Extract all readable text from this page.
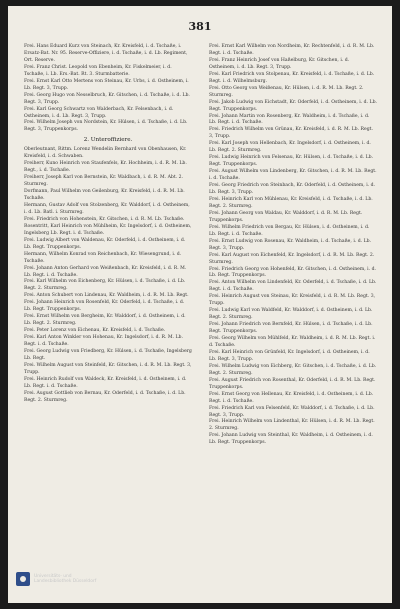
381
Frei. Hans Eduard Kurz von Steinach, Kr. Kreisfeld, i. d. Tschaße, i. Ersatz-Bat. Nr. 95. Reserve-Offiziere, i. d. Tschaße, i. d. Lb. Regiment, Ort. Reserve.
Frei. Franz Christ. Leopold von Ebenheim, Kr. Fiskelmeier, i. d. Tschaße, i. Lb. Ers.-Bat. Rt. 3. Sturmbatterie.
Frei. Ernst Karl Otto Mertens von Steinau, Kr. Urbs, i. d. Ostheinem, i. Lb. Regt. 3, Trupp.
Frei. Georg Hugo von Nesselbruch, Kr. Gitschen, i. d. Tschaße, i. d. Lb. Regt. 3, Trupp.
Frei. Karl Georg Schwartz von Walderbach, Kr. Felsenbach, i. d. Ostheinem, i. d. Lb. Regt. 3, Trupp.
Frei. Wilhelm Joseph von Nordstein, Kr. Hülsen, i. d. Tschaße, i. d. Lb. Regt. 3, Truppenkorps.
2. Unteroffiziere.
Oberleutnant, Rittm. Lorenz Wendelin Bernhard von Obenhausen, Kr. Kreisfeld, i. d. Schwaben.
Freiherr, Kuno Heinrich von Staufenfels, Kr. Hochheim, i. d. R. M. Lb. Regt., i. d. Tschaße.
Freiherr, Joseph Karl von Bernstein, Kr. Waldbach, i. d. R. M. Abt. 2. Sturmreg.
Dorfmann, Paul Wilhelm von Geilenburg, Kr. Kreisfeld, i. d. R. M. Lb. Tschaße.
Hermann, Gustav Adolf von Stolzenberg, Kr. Walddorf, i. d. Ostheinem, i. d. Lb. Batl. i. Sturmreg.
Frei. Friedrich von Hohenstein, Kr. Gitschen, i. d. R. M. Lb. Tschaße.
Rosentritt, Karl Heinrich von Mühlheim, Kr. Ingelsdorf, i. d. Ostheinem, Ingelsberg Lb. Regt. i. d. Tschaße.
Frei. Ludwig Albert von Waldenau, Kr. Oderfeld, i. d. Ostheinem, i. d. Lb. Regt. Truppenkorps.
Hermann, Wilhelm Konrad von Reichenbach, Kr. Wiesengrund, i. d. Tschaße.
Frei. Johann Anton Gerhard von Weißenbach, Kr. Kreisfeld, i. d. R. M. Lb. Regt. i. d. Tschaße.
Frei. Karl Wilhelm von Eichenberg, Kr. Hülsen, i. d. Tschaße, i. d. Lb. Regt. 2. Sturmreg.
Frei. Anton Schubert von Lindenau, Kr. Waldheim, i. d. R. M. Lb. Regt.
Frei. Johann Heinrich von Rosenfeld, Kr. Oderfeld, i. d. Tschaße, i. d. Lb. Regt. Truppenkorps.
Frei. Ernst Wilhelm von Bergheim, Kr. Walddorf, i. d. Ostheinem, i. d. Lb. Regt. 2. Sturmreg.
Frei. Peter Lorenz von Eichenau, Kr. Kreisfeld, i. d. Tschaße.
Frei. Karl Anton Winkler von Hohenau, Kr. Ingelsdorf, i. d. R. M. Lb. Regt. i. d. Tschaße.
Frei. Georg Ludwig von Friedberg, Kr. Hülsen, i. d. Tschaße, Ingelsberg Lb. Regt.
Frei. Wilhelm August von Steinfeld, Kr. Gitschen, i. d. R. M. Lb. Regt. 3, Trupp.
Frei. Heinrich Rudolf von Waldeck, Kr. Kreisfeld, i. d. Ostheinem, i. d. Lb. Regt. i. d. Tschaße.
Frei. August Gottlieb von Bernau, Kr. Oderfeld, i. d. Tschaße, i. d. Lb. Regt. 2. Sturmreg.
Frei. Ernst Karl Wilhelm von Nordheim, Kr. Rechtenfeld, i. d. R. M. Lb. Regt. i. d. Tschaße.
Frei. Franz Heinrich Josef von Haßelburg, Kr. Gitschen, i. d. Ostheinem, i. d. Lb. Regt. 3, Trupp.
Frei. Karl Friedrich von Stolpenau, Kr. Kreisfeld, i. d. Tschaße, i. d. Lb. Regt. i. d. Wilhelmsburg.
Frei. Otto Georg von Weißenau, Kr. Hülsen, i. d. R. M. Lb. Regt. 2. Sturmreg.
Frei. Jakob Ludwig von Eichstadt, Kr. Oderfeld, i. d. Ostheinem, i. d. Lb. Regt. Truppenkorps.
Frei. Johann Martin von Rosenberg, Kr. Waldheim, i. d. Tschaße, i. d. Lb. Regt. i. d. Tschaße.
Frei. Friedrich Wilhelm von Grünau, Kr. Kreisfeld, i. d. R. M. Lb. Regt. 3, Trupp.
Frei. Karl Joseph von Hellenbach, Kr. Ingelsdorf, i. d. Ostheinem, i. d. Lb. Regt. 2. Sturmreg.
Frei. Ludwig Heinrich von Felsenau, Kr. Hülsen, i. d. Tschaße, i. d. Lb. Regt. Truppenkorps.
Frei. August Wilhelm von Lindenberg, Kr. Gitschen, i. d. R. M. Lb. Regt. i. d. Tschaße.
Frei. Georg Friedrich von Steinbach, Kr. Oderfeld, i. d. Ostheinem, i. d. Lb. Regt. 3, Trupp.
Frei. Heinrich Karl von Mühlenau, Kr. Kreisfeld, i. d. Tschaße, i. d. Lb. Regt. 2. Sturmreg.
Frei. Johann Georg von Waldau, Kr. Walddorf, i. d. R. M. Lb. Regt. Truppenkorps.
Frei. Wilhelm Friedrich von Bergau, Kr. Hülsen, i. d. Ostheinem, i. d. Lb. Regt. i. d. Tschaße.
Frei. Ernst Ludwig von Rosenau, Kr. Waldheim, i. d. Tschaße, i. d. Lb. Regt. 3, Trupp.
Frei. Karl August von Eichenfeld, Kr. Ingelsdorf, i. d. R. M. Lb. Regt. 2. Sturmreg.
Frei. Friedrich Georg von Hohenfeld, Kr. Gitschen, i. d. Ostheinem, i. d. Lb. Regt. Truppenkorps.
Frei. Anton Wilhelm von Lindenfeld, Kr. Oderfeld, i. d. Tschaße, i. d. Lb. Regt. i. d. Tschaße.
Frei. Heinrich August von Steinau, Kr. Kreisfeld, i. d. R. M. Lb. Regt. 3, Trupp.
Frei. Ludwig Karl von Waldfeld, Kr. Walddorf, i. d. Ostheinem, i. d. Lb. Regt. 2. Sturmreg.
Frei. Johann Friedrich von Bernfeld, Kr. Hülsen, i. d. Tschaße, i. d. Lb. Regt. Truppenkorps.
Frei. Georg Wilhelm von Mühlfeld, Kr. Waldheim, i. d. R. M. Lb. Regt. i. d. Tschaße.
Frei. Karl Heinrich von Grünfeld, Kr. Ingelsdorf, i. d. Ostheinem, i. d. Lb. Regt. 3, Trupp.
Frei. Wilhelm Ludwig von Eichberg, Kr. Gitschen, i. d. Tschaße, i. d. Lb. Regt. 2. Sturmreg.
Frei. August Friedrich von Rosenthal, Kr. Oderfeld, i. d. R. M. Lb. Regt. Truppenkorps.
Frei. Ernst Georg von Hellenau, Kr. Kreisfeld, i. d. Ostheinem, i. d. Lb. Regt. i. d. Tschaße.
Frei. Friedrich Karl von Felsenfeld, Kr. Walddorf, i. d. Tschaße, i. d. Lb. Regt. 3, Trupp.
Frei. Heinrich Wilhelm von Lindenthal, Kr. Hülsen, i. d. R. M. Lb. Regt. 2. Sturmreg.
Frei. Johann Ludwig von Steinthal, Kr. Waldheim, i. d. Ostheinem, i. d. Lb. Regt. Truppenkorps.
Universitäts- und
Landesbibliothek Düsseldorf
